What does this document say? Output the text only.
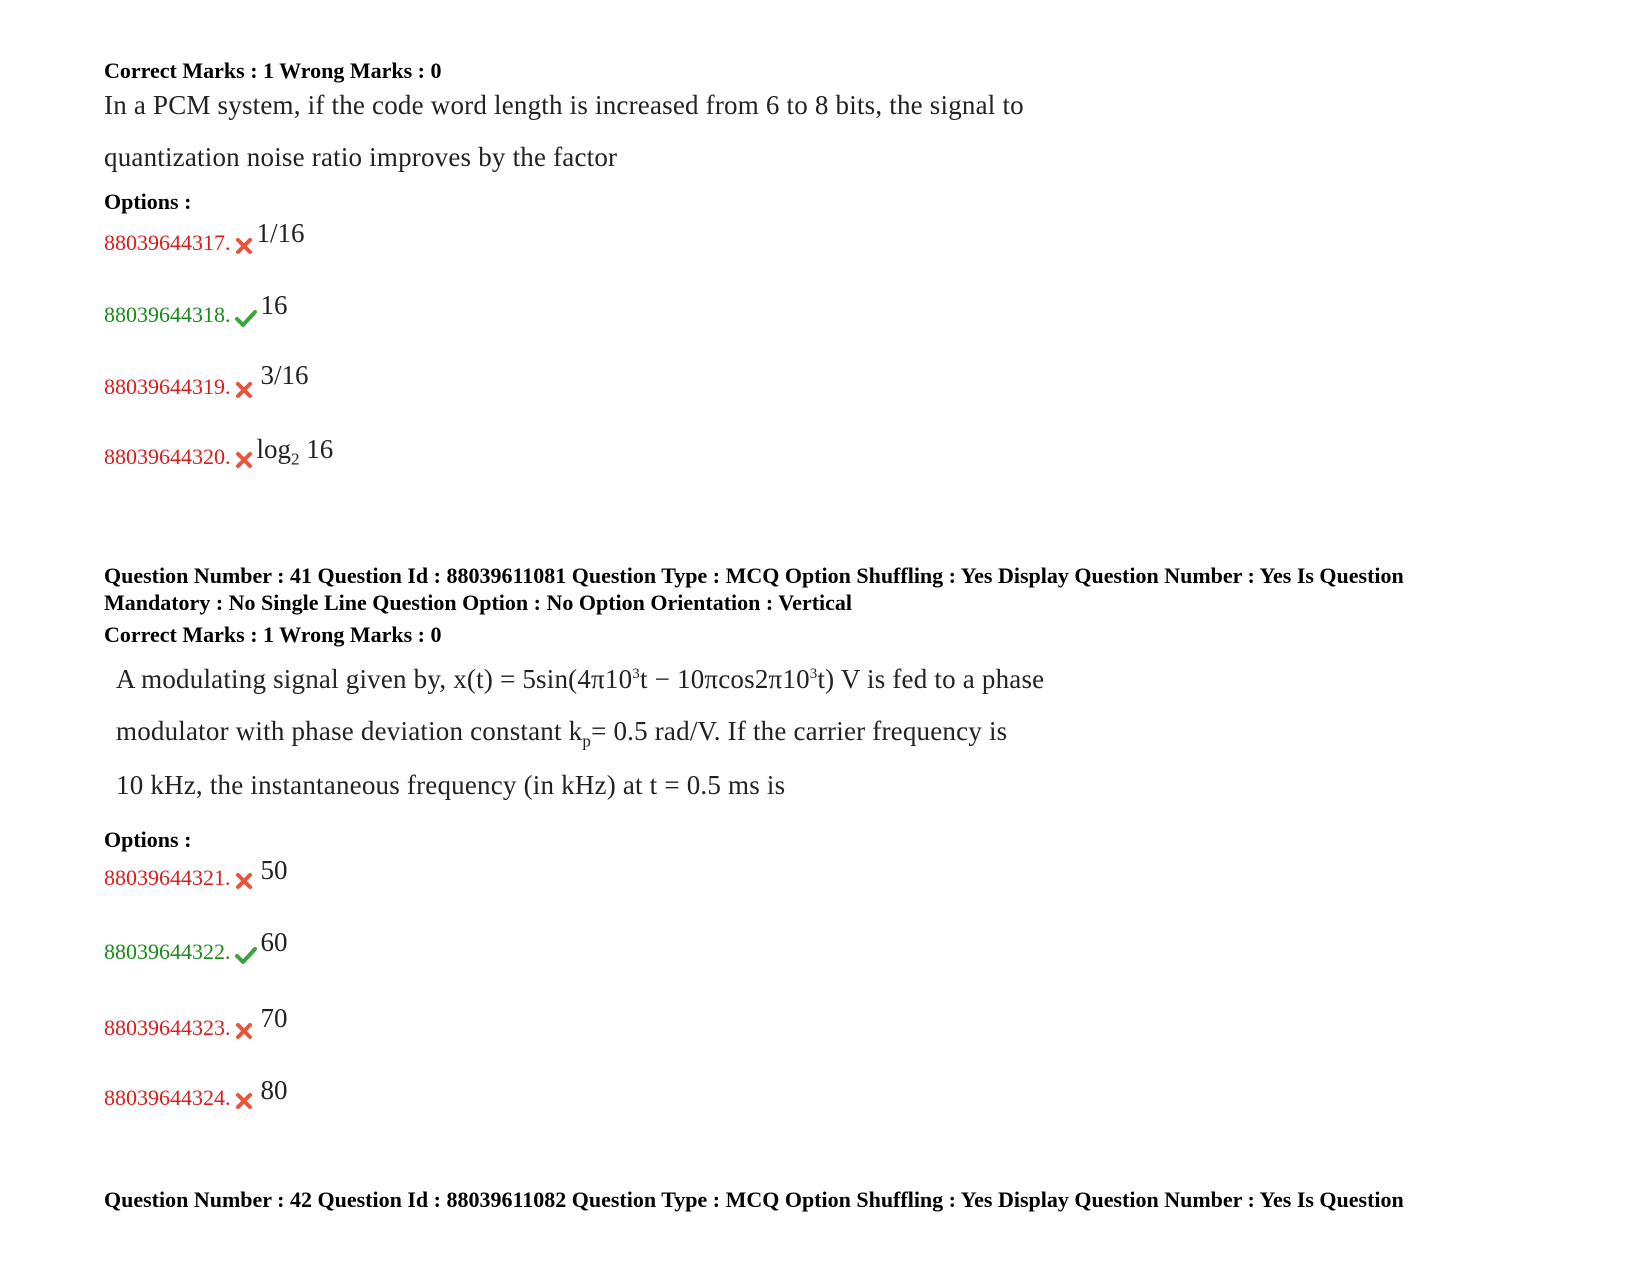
Correct Marks : 1 Wrong Marks : 0
In a PCM system, if the code word length is increased from 6 to 8 bits, the signal to
quantization noise ratio improves by the factor
Options :
88039644317. 1/16
88039644318. 16
88039644319. 3/16
88039644320. $\log_2 16$
Question Number : 41 Question Id : 88039611081 Question Type : MCQ Option Shuffling : Yes Display Question Number : Yes Is Question
Mandatory : No Single Line Question Option : No Option Orientation : Vertical
Correct Marks : 1 Wrong Marks : 0
A modulating signal given by, $x(t) = 5\sin(4\pi 10^3t - 10\pi\cos 2\pi 10^3t)$ V is fed to a phase
modulator with phase deviation constant $k_p= 0.5$ rad/V. If the carrier frequency is
10 kHz, the instantaneous frequency (in kHz) at t = 0.5 ms is
Options :
88039644321. 50
88039644322. 60
88039644323. 70
88039644324. 80
Question Number : 42 Question Id : 88039611082 Question Type : MCQ Option Shuffling : Yes Display Question Number : Yes Is Question
